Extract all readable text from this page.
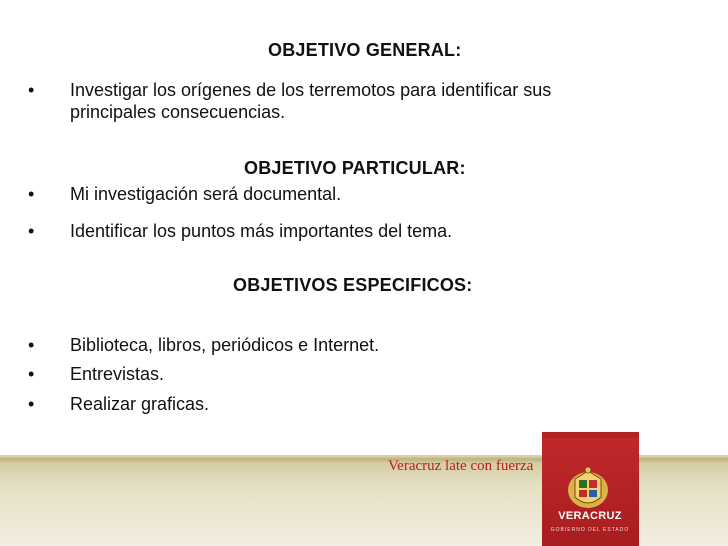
OBJETIVO GENERAL:
•	Investigar los orígenes de los terremotos para identificar sus
principales consecuencias.
OBJETIVO PARTICULAR:
•	Mi investigación será documental.
•	Identificar los puntos más importantes del tema.
OBJETIVOS ESPECIFICOS:
•	Biblioteca, libros, periódicos e Internet.
•	Entrevistas.
•	Realizar graficas.
Veracruz late con fuerza
VERACRUZ
GOBIERNO DEL ESTADO
